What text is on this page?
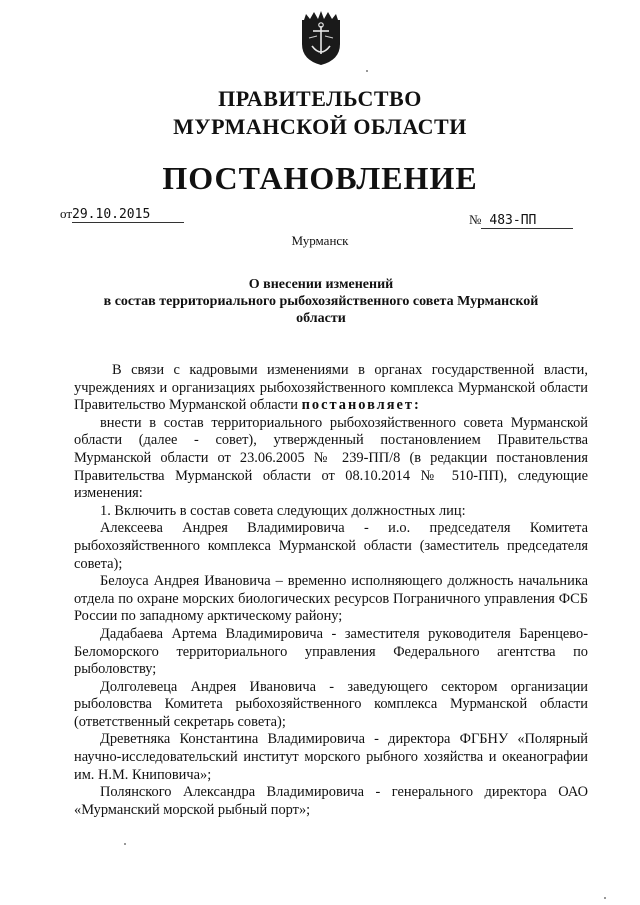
ПРАВИТЕЛЬСТВО
МУРМАНСКОЙ ОБЛАСТИ
ПОСТАНОВЛЕНИЕ
от29.10.2015	№ 483-ПП
Мурманск
О внесении изменений
в состав территориального рыбохозяйственного совета Мурманской
области

В связи с кадровыми изменениями в органах государственной власти, учреждениях и организациях рыбохозяйственного комплекса Мурманской области Правительство Мурманской области постановляет:

внести в состав территориального рыбохозяйственного совета Мурманской области (далее - совет), утвержденный постановлением Правительства Мурманской области от 23.06.2005 № 239-ПП/8 (в редакции постановления Правительства Мурманской области от 08.10.2014 № 510-ПП), следующие изменения:

1. Включить в состав совета следующих должностных лиц:

Алексеева Андрея Владимировича - и.о. председателя Комитета рыбохозяйственного комплекса Мурманской области (заместитель председателя совета);

Белоуса Андрея Ивановича – временно исполняющего должность начальника отдела по охране морских биологических ресурсов Пограничного управления ФСБ России по западному арктическому району;

Дадабаева Артема Владимировича - заместителя руководителя Баренцево-Беломорского территориального управления Федерального агентства по рыболовству;

Долголевеца Андрея Ивановича - заведующего сектором организации рыболовства Комитета рыбохозяйственного комплекса Мурманской области (ответственный секретарь совета);

Древетняка Константина Владимировича - директора ФГБНУ «Полярный научно-исследовательский институт морского рыбного хозяйства и океанографии им. Н.М. Книповича»;

Полянского Александра Владимировича - генерального директора ОАО «Мурманский морской рыбный порт»;
